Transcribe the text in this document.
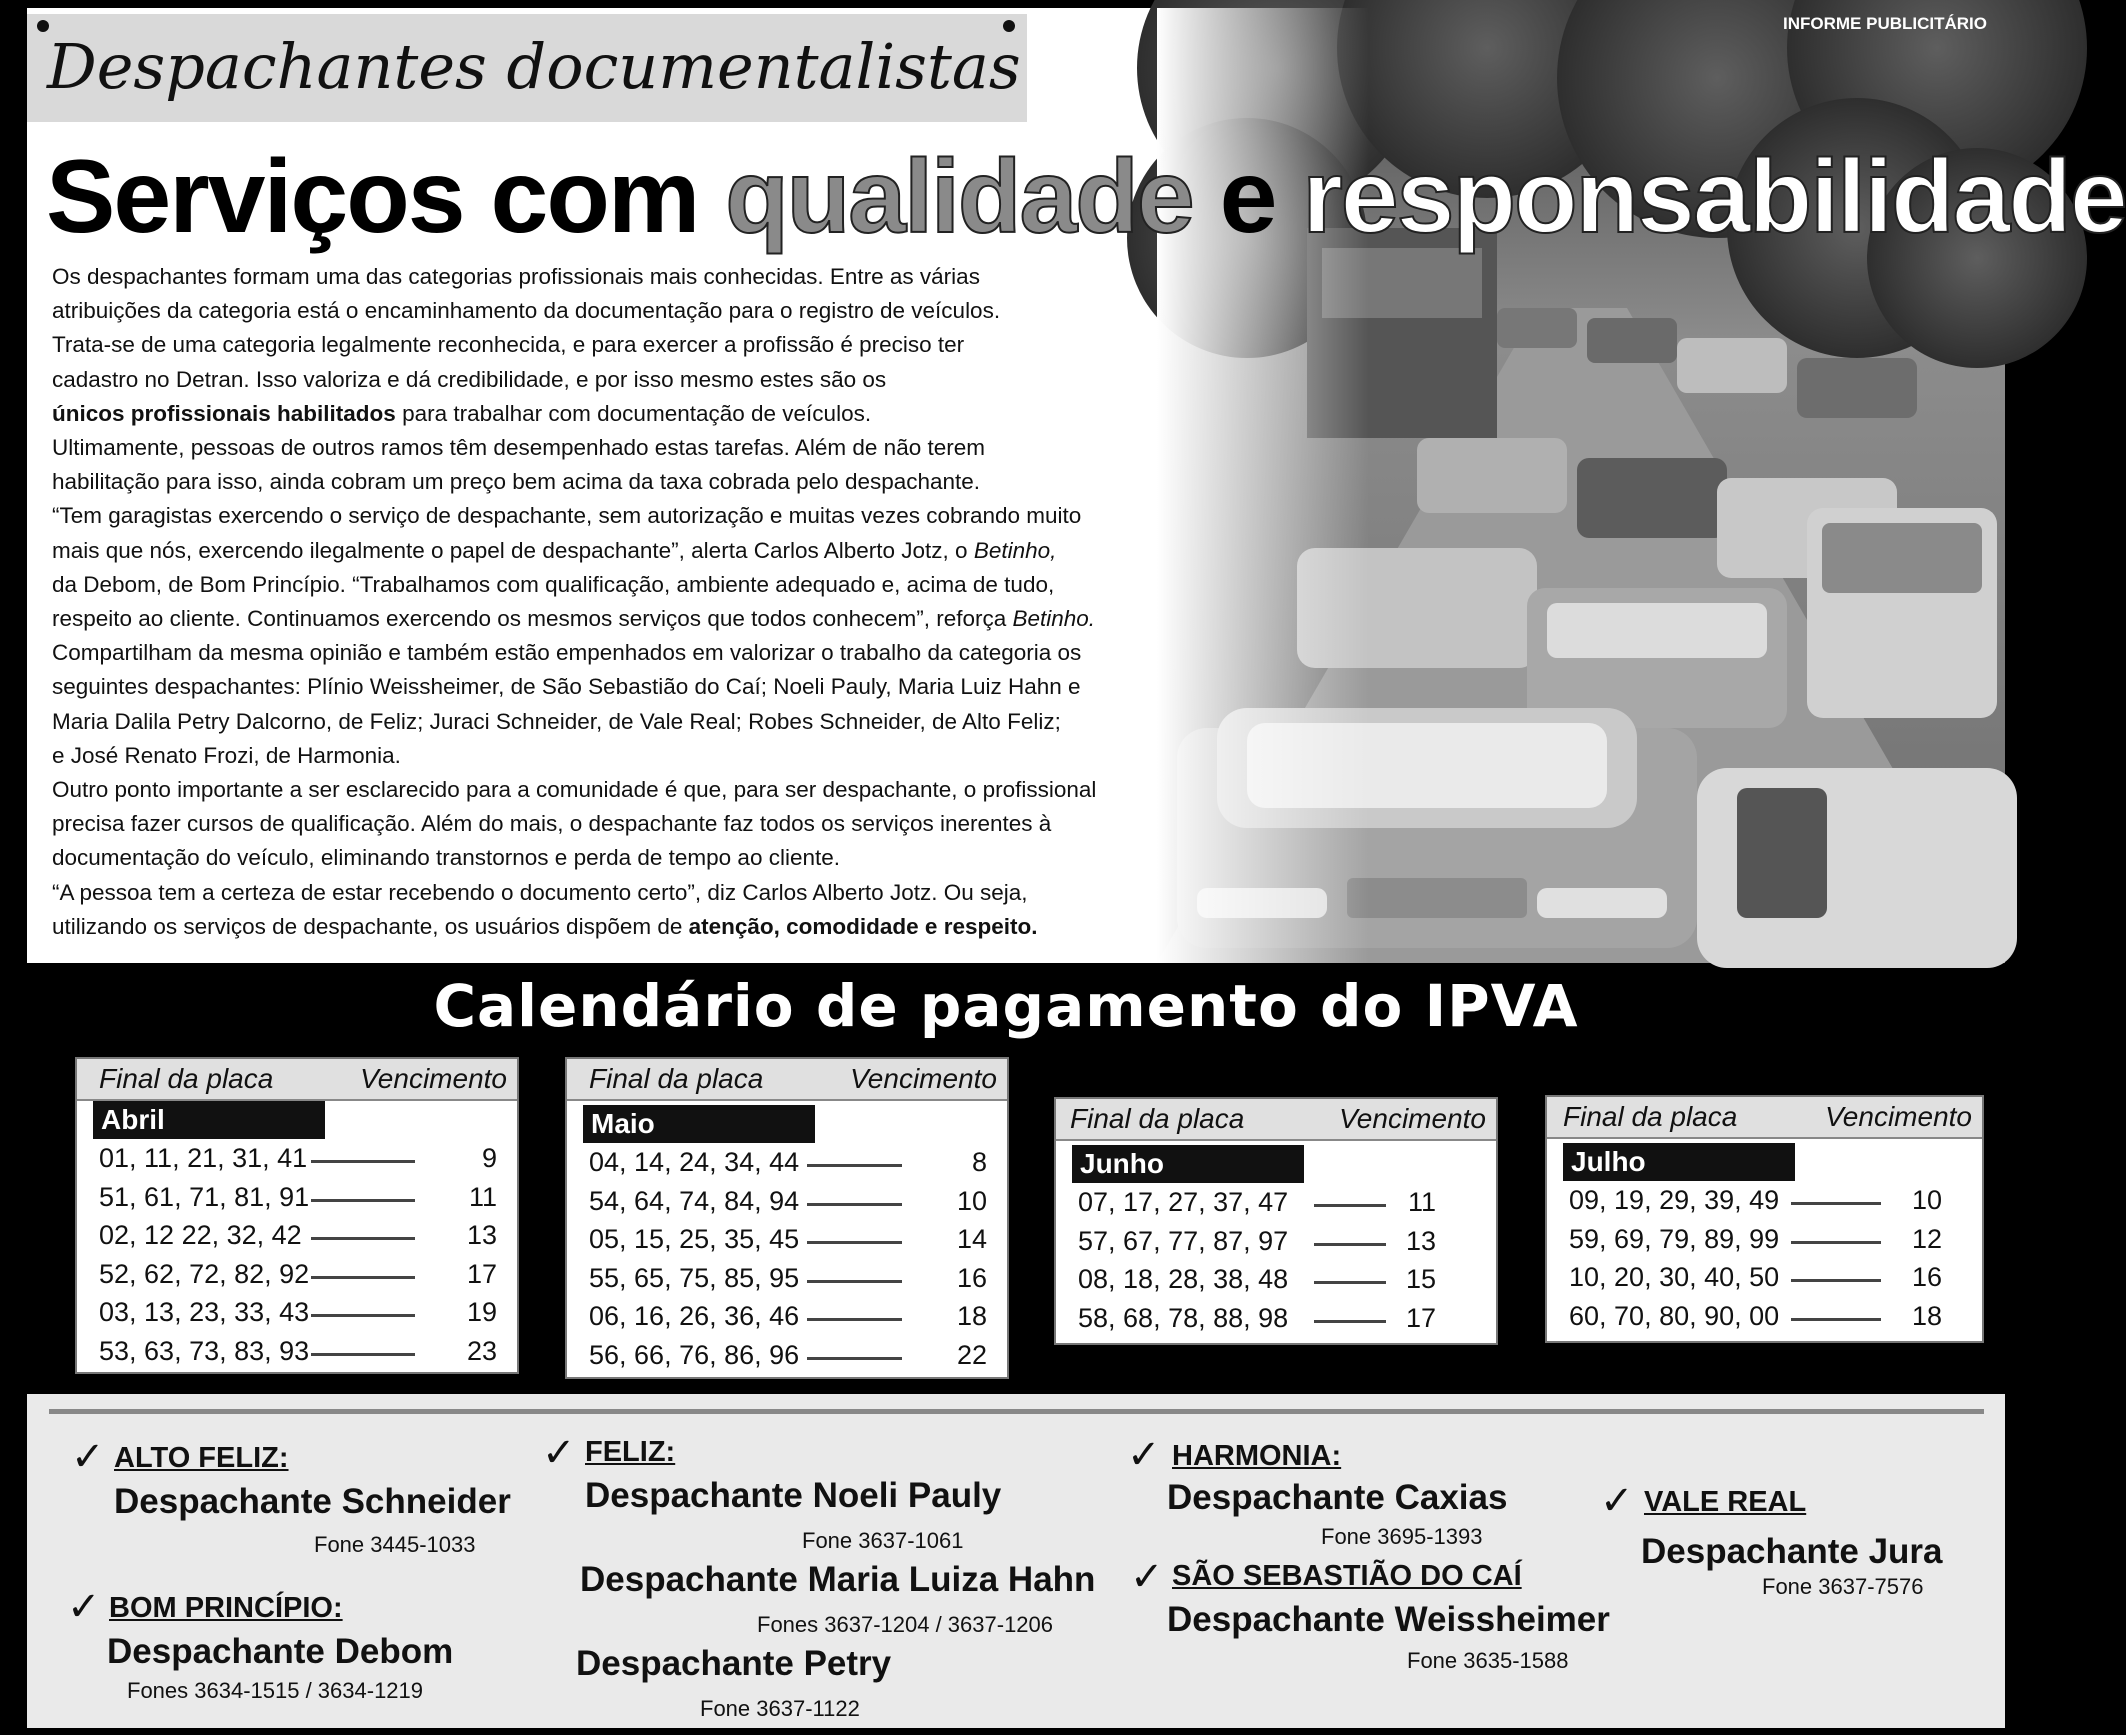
INFORME PUBLICITÁRIO
Despachantes documentalistas
Serviços com qualidade e responsabilidade

Os despachantes formam uma das categorias profissionais mais conhecidas. Entre as várias

atribuições da categoria está o encaminhamento da documentação para o registro de veículos.

Trata-se de uma categoria legalmente reconhecida, e para exercer a profissão é preciso ter

cadastro no Detran. Isso valoriza e dá credibilidade, e por isso mesmo estes são os

únicos profissionais habilitados para trabalhar com documentação de veículos.

Ultimamente, pessoas de outros ramos têm desempenhado estas tarefas. Além de não terem

habilitação para isso, ainda cobram um preço bem acima da taxa cobrada pelo despachante.

“Tem garagistas exercendo o serviço de despachante, sem autorização e muitas vezes cobrando muito

mais que nós, exercendo ilegalmente o papel de despachante”, alerta Carlos Alberto Jotz, o Betinho,

da Debom, de Bom Princípio. “Trabalhamos com qualificação, ambiente adequado e, acima de tudo,

respeito ao cliente. Continuamos exercendo os mesmos serviços que todos conhecem”, reforça Betinho.

Compartilham da mesma opinião e também estão empenhados em valorizar o trabalho da categoria os

seguintes despachantes: Plínio Weissheimer, de São Sebastião do Caí; Noeli Pauly, Maria Luiz Hahn e

Maria Dalila Petry Dalcorno, de Feliz; Juraci Schneider, de Vale Real; Robes Schneider, de Alto Feliz;

e José Renato Frozi, de Harmonia.

Outro ponto importante a ser esclarecido para a comunidade é que, para ser despachante, o profissional

precisa fazer cursos de qualificação. Além do mais, o despachante faz todos os serviços inerentes à

documentação do veículo, eliminando transtornos e perda de tempo ao cliente.

“A pessoa tem a certeza de estar recebendo o documento certo”, diz Carlos Alberto Jotz. Ou seja,

utilizando os serviços de despachante, os usuários dispõem de atenção, comodidade e respeito.

Calendário de pagamento do IPVA
Final da placa	Vencimento
Abril
01, 11, 21, 31, 41	9
51, 61, 71, 81, 91	11
02, 12 22, 32, 42	13
52, 62, 72, 82, 92	17
03, 13, 23, 33, 43	19
53, 63, 73, 83, 93	23
Final da placa	Vencimento
Maio
04, 14, 24, 34, 44	8
54, 64, 74, 84, 94	10
05, 15, 25, 35, 45	14
55, 65, 75, 85, 95	16
06, 16, 26, 36, 46	18
56, 66, 76, 86, 96	22
Final da placa	Vencimento
Junho
07, 17, 27, 37, 47	11
57, 67, 77, 87, 97	13
08, 18, 28, 38, 48	15
58, 68, 78, 88, 98	17
Final da placa	Vencimento
Julho
09, 19, 29, 39, 49	10
59, 69, 79, 89, 99	12
10, 20, 30, 40, 50	16
60, 70, 80, 90, 00	18
✓ ALTO FELIZ:
Despachante Schneider
Fone 3445-1033
✓ BOM PRINCÍPIO:
Despachante Debom
Fones 3634-1515 / 3634-1219
✓ FELIZ:
Despachante Noeli Pauly
Fone 3637-1061
Despachante Maria Luiza Hahn
Fones 3637-1204 / 3637-1206
Despachante Petry
Fone 3637-1122
✓ HARMONIA:
Despachante Caxias
Fone 3695-1393
✓ SÃO SEBASTIÃO DO CAÍ
Despachante Weissheimer
Fone 3635-1588
✓ VALE REAL
Despachante Jura
Fone 3637-7576
